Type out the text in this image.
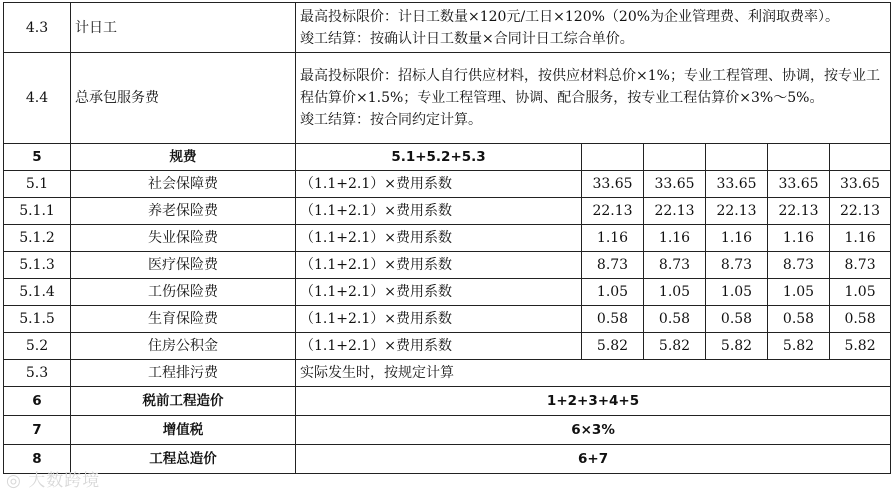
4.3	计日工	最高投标限价：计日工数量×120元/工日×120%（20%为企业管理费、利润取费率）。
竣工结算：按确认计日工数量×合同计日工综合单价。					

4.4	总承包服务费	最高投标限价：招标人自行供应材料，按供应材料总价×1%；专业工程管理、协调，按专业工程估算价×1.5%；专业工程管理、协调、配合服务，按专业工程估算价×3%～5%。
竣工结算：按合同约定计算。					

5	规费	5.1+5.2+5.3					
5.1	社会保障费	（1.1+2.1）×费用系数	33.65	33.65	33.65	33.65	33.65
5.1.1	养老保险费	（1.1+2.1）×费用系数	22.13	22.13	22.13	22.13	22.13
5.1.2	失业保险费	（1.1+2.1）×费用系数	1.16	1.16	1.16	1.16	1.16
5.1.3	医疗保险费	（1.1+2.1）×费用系数	8.73	8.73	8.73	8.73	8.73
5.1.4	工伤保险费	（1.1+2.1）×费用系数	1.05	1.05	1.05	1.05	1.05
5.1.5	生育保险费	（1.1+2.1）×费用系数	0.58	0.58	0.58	0.58	0.58
5.2	住房公积金	（1.1+2.1）×费用系数	5.82	5.82	5.82	5.82	5.82
5.3	工程排污费	实际发生时，按规定计算					
6	税前工程造价	1+2+3+4+5					
7	增值税	6×3%					
8	工程总造价	6+7					
◎ 大数跨境
